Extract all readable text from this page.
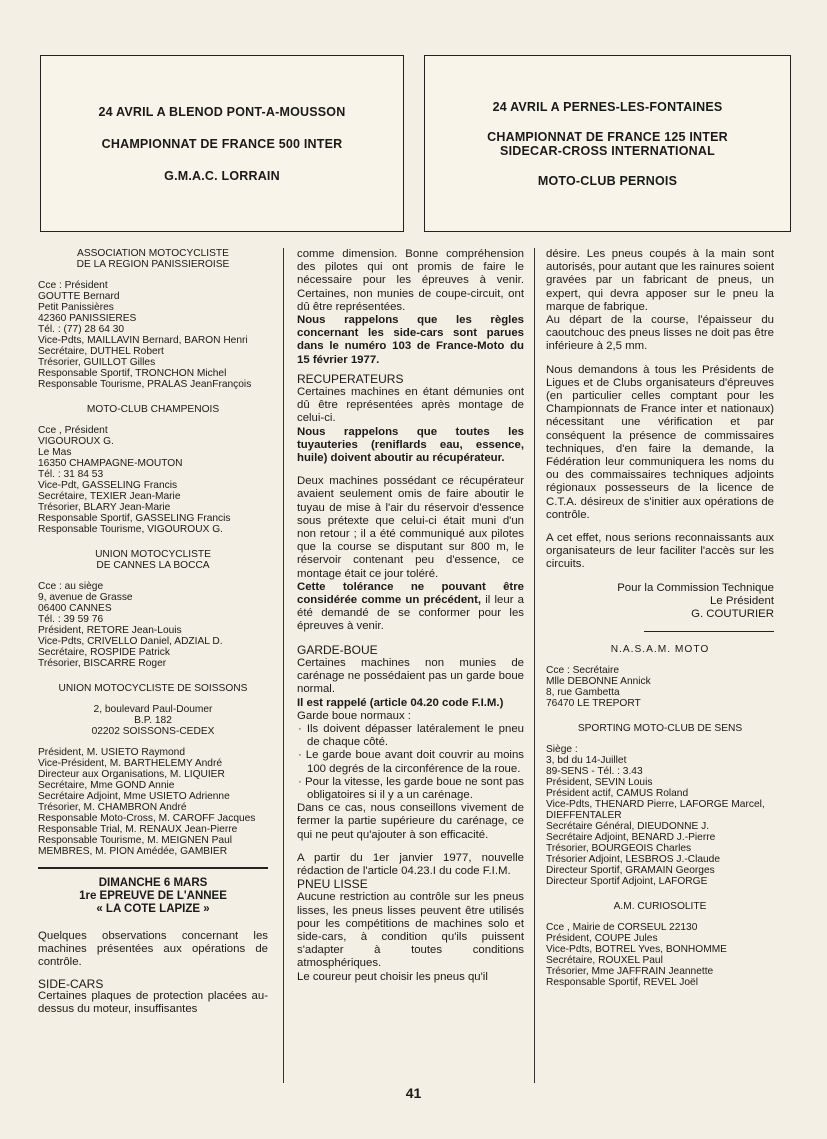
24 AVRIL A BLENOD PONT-A-MOUSSON
CHAMPIONNAT DE FRANCE 500 INTER
G.M.A.C. LORRAIN
24 AVRIL A PERNES-LES-FONTAINES
CHAMPIONNAT DE FRANCE 125 INTER
SIDECAR-CROSS INTERNATIONAL
MOTO-CLUB PERNOIS
ASSOCIATION MOTOCYCLISTE
DE LA REGION PANISSIEROISE
Cce : Président
GOUTTE Bernard
Petit Panissières
42360 PANISSIERES
Tél. : (77) 28 64 30
Vice-Pdts, MAILLAVIN Bernard, BARON Henri
Secrétaire, DUTHEL Robert
Trésorier, GUILLOT Gilles
Responsable Sportif, TRONCHON Michel
Responsable Tourisme, PRALAS JeanFrançois
MOTO-CLUB CHAMPENOIS
Cce , Président
VIGOUROUX G.
Le Mas
16350 CHAMPAGNE-MOUTON
Tél. : 31 84 53
Vice-Pdt, GASSELING Francis
Secrétaire, TEXIER Jean-Marie
Trésorier, BLARY Jean-Marie
Responsable Sportif, GASSELING Francis
Responsable Tourisme, VIGOUROUX G.
UNION MOTOCYCLISTE
DE CANNES LA BOCCA
Cce : au siège
9, avenue de Grasse
06400 CANNES
Tél. : 39 59 76
Président, RETORE Jean-Louis
Vice-Pdts, CRIVELLO Daniel, ADZIAL D.
Secrétaire, ROSPIDE Patrick
Trésorier, BISCARRE Roger
UNION MOTOCYCLISTE DE SOISSONS
2, boulevard Paul-Doumer
B.P. 182
02202 SOISSONS-CEDEX
Président, M. USIETO Raymond
Vice-Président, M. BARTHELEMY André
Directeur aux Organisations, M. LIQUIER
Secrétaire, Mme GOND Annie
Secrétaire Adjoint, Mme USIETO Adrienne
Trésorier, M. CHAMBRON André
Responsable Moto-Cross, M. CAROFF Jacques
Responsable Trial, M. RENAUX Jean-Pierre
Responsable Tourisme, M. MEIGNEN Paul
MEMBRES, M. PION Amédée, GAMBIER
DIMANCHE 6 MARS
1re EPREUVE DE L'ANNEE
« LA COTE LAPIZE »
Quelques observations concernant les machines présentées aux opérations de contrôle.
SIDE-CARS
Certaines plaques de protection placées au-dessus du moteur, insuffisantes
comme dimension. Bonne compréhension des pilotes qui ont promis de faire le nécessaire pour les épreuves à venir. Certaines, non munies de coupe-circuit, ont dû être représentées.
Nous rappelons que les règles concernant les side-cars sont parues dans le numéro 103 de France-Moto du 15 février 1977.
RECUPERATEURS
Certaines machines en étant démunies ont dû être représentées après montage de celui-ci.
Nous rappelons que toutes les tuyauteries (reniflards eau, essence, huile) doivent aboutir au récupérateur.
Deux machines possédant ce récupérateur avaient seulement omis de faire aboutir le tuyau de mise à l'air du réservoir d'essence sous prétexte que celui-ci était muni d'un non retour ; il a été communiqué aux pilotes que la course se disputant sur 800 m, le réservoir contenant peu d'essence, ce montage était ce jour toléré.
Cette tolérance ne pouvant être considérée comme un précédent, il leur a été demandé de se conformer pour les épreuves à venir.
GARDE-BOUE
Certaines machines non munies de carénage ne possédaient pas un garde boue normal.
Il est rappelé (article 04.20 code F.I.M.)
Garde boue normaux :
· Ils doivent dépasser latéralement le pneu de chaque côté.
· Le garde boue avant doit couvrir au moins 100 degrés de la circonférence de la roue.
· Pour la vitesse, les garde boue ne sont pas obligatoires si il y a un carénage.
Dans ce cas, nous conseillons vivement de fermer la partie supérieure du carénage, ce qui ne peut qu'ajouter à son efficacité.
A partir du 1er janvier 1977, nouvelle rédaction de l'article 04.23.I du code F.I.M.
PNEU LISSE
Aucune restriction au contrôle sur les pneus lisses, les pneus lisses peuvent être utilisés pour les compétitions de machines solo et side-cars, à condition qu'ils puissent s'adapter à toutes conditions atmosphériques.
Le coureur peut choisir les pneus qu'il
désire. Les pneus coupés à la main sont autorisés, pour autant que les rainures soient gravées par un fabricant de pneus, un expert, qui devra apposer sur le pneu la marque de fabrique.
Au départ de la course, l'épaisseur du caoutchouc des pneus lisses ne doit pas être inférieure à 2,5 mm.
Nous demandons à tous les Présidents de Ligues et de Clubs organisateurs d'épreuves (en particulier celles comptant pour les Championnats de France inter et nationaux) nécessitant une vérification et par conséquent la présence de commissaires techniques, d'en faire la demande, la Fédération leur communiquera les noms du ou des commaissaires techniques adjoints régionaux possesseurs de la licence de C.T.A. désireux de s'initier aux opérations de contrôle.
A cet effet, nous serions reconnaissants aux organisateurs de leur faciliter l'accès sur les circuits.
Pour la Commission Technique
Le Président
G. COUTURIER
N.A.S.A.M. MOTO
Cce : Secrétaire
Mlle DEBONNE Annick
8, rue Gambetta
76470 LE TREPORT
SPORTING MOTO-CLUB DE SENS
Siège :
3, bd du 14-Juillet
89-SENS - Tél. : 3.43
Président, SEVIN Louis
Président actif, CAMUS Roland
Vice-Pdts, THENARD Pierre, LAFORGE Marcel, DIEFFENTALER
Secrétaire Général, DIEUDONNE J.
Secrétaire Adjoint, BENARD J.-Pierre
Trésorier, BOURGEOIS Charles
Trésorier Adjoint, LESBROS J.-Claude
Directeur Sportif, GRAMAIN Georges
Directeur Sportif Adjoint, LAFORGE
A.M. CURIOSOLITE
Cce , Mairie de CORSEUL 22130
Président, COUPE Jules
Vice-Pdts, BOTREL Yves, BONHOMME
Secrétaire, ROUXEL Paul
Trésorier, Mme JAFFRAIN Jeannette
Responsable Sportif, REVEL Joël
41
